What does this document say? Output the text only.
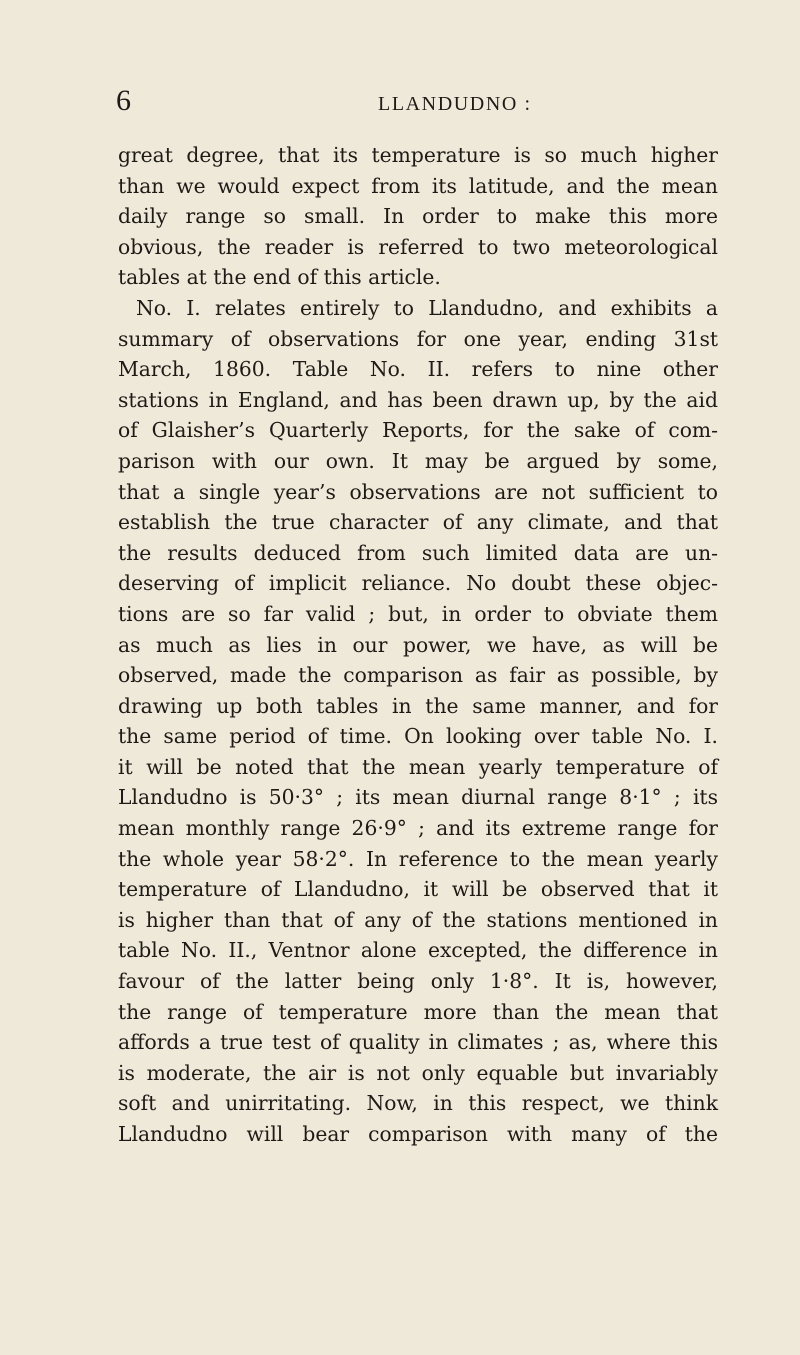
6	LLANDUDNO :
great degree, that its temperature is so much higher
than we would expect from its latitude, and the mean
daily range so small. In order to make this more
obvious, the reader is referred to two meteorological
tables at the end of this article.
No. I. relates entirely to Llandudno, and exhibits a
summary of observations for one year, ending 31st
March, 1860. Table No. II. refers to nine other
stations in England, and has been drawn up, by the aid
of Glaisher’s Quarterly Reports, for the sake of com-
parison with our own. It may be argued by some,
that a single year’s observations are not sufficient to
establish the true character of any climate, and that
the results deduced from such limited data are un-
deserving of implicit reliance. No doubt these objec-
tions are so far valid ; but, in order to obviate them
as much as lies in our power, we have, as will be
observed, made the comparison as fair as possible, by
drawing up both tables in the same manner, and for
the same period of time. On looking over table No. I.
it will be noted that the mean yearly temperature of
Llandudno is 50·3° ; its mean diurnal range 8·1° ; its
mean monthly range 26·9° ; and its extreme range for
the whole year 58·2°. In reference to the mean yearly
temperature of Llandudno, it will be observed that it
is higher than that of any of the stations mentioned in
table No. II., Ventnor alone excepted, the difference in
favour of the latter being only 1·8°. It is, however,
the range of temperature more than the mean that
affords a true test of quality in climates ; as, where this
is moderate, the air is not only equable but invariably
soft and unirritating. Now, in this respect, we think
Llandudno will bear comparison with many of the
